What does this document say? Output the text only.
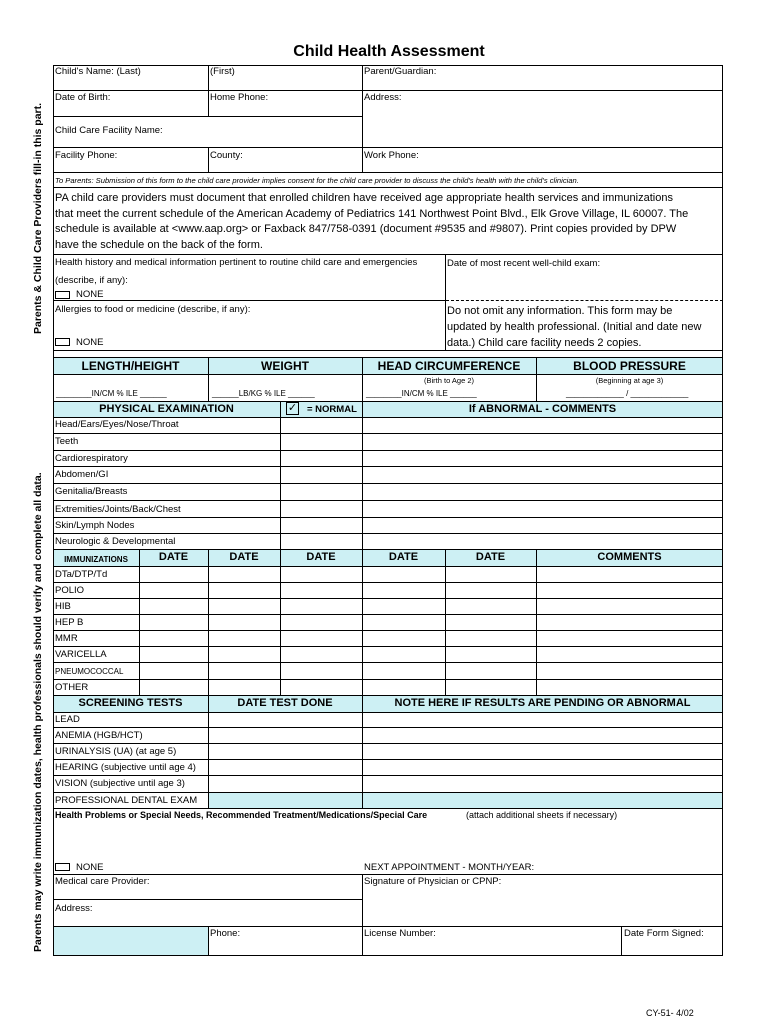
Child Health Assessment
Parents & Child Care Providers fill-in this part.
Parents may write immunization dates, health professionals should verify and complete all data.
Child's Name: (Last)	(First)	Parent/Guardian:
Date of Birth:	Home Phone:	Address:
Child Care Facility Name:
Facility Phone:	County:	Work Phone:
To Parents: Submission of this form to the child care provider implies consent for the child care provider to discuss the child's health with the child's clinician.
PA child care providers must document that enrolled children have received age appropriate health services and immunizations
that meet the current schedule of the American Academy of Pediatrics 141 Northwest Point Blvd., Elk Grove Village, IL 60007. The
schedule is available at <www.aap.org> or Faxback 847/758-0391 (document #9535 and #9807). Print copies provided by DPW
have the schedule on the back of the form.
Health history and medical information pertinent to routine child care and emergencies
(describe, if any):
NONE
Allergies to food or medicine (describe, if any):
NONE
Date of most recent well-child exam:
Do not omit any information. This form may be
updated by health professional. (Initial and date new
data.) Child care facility needs 2 copies.
LENGTH/HEIGHT	WEIGHT	HEAD CIRCUMFERENCE	BLOOD PRESSURE
(Birth to Age 2)	(Beginning at age 3)
________IN/CM % ILE ______	______LB/KG % ILE ______	________IN/CM % ILE ______	_____________ / _____________
PHYSICAL EXAMINATION	✓ = NORMAL	If ABNORMAL - COMMENTS
Head/Ears/Eyes/Nose/Throat
Teeth
Cardiorespiratory
Abdomen/GI
Genitalia/Breasts
Extremities/Joints/Back/Chest
Skin/Lymph Nodes
Neurologic & Developmental
IMMUNIZATIONS	DATE	DATE	DATE	DATE	DATE	COMMENTS
DTa/DTP/Td
POLIO
HIB
HEP B
MMR
VARICELLA
PNEUMOCOCCAL
OTHER
SCREENING TESTS	DATE TEST DONE	NOTE HERE IF RESULTS ARE PENDING OR ABNORMAL
LEAD
ANEMIA (HGB/HCT)
URINALYSIS (UA) (at age 5)
HEARING (subjective until age 4)
VISION (subjective until age 3)
PROFESSIONAL DENTAL EXAM
Health Problems or Special Needs, Recommended Treatment/Medications/Special Care	(attach additional sheets if necessary)
NONE	NEXT APPOINTMENT - MONTH/YEAR:
Medical care Provider:	Signature of Physician or CPNP:
Address:
Phone:	License Number:	Date Form Signed:
CY-51- 4/02
